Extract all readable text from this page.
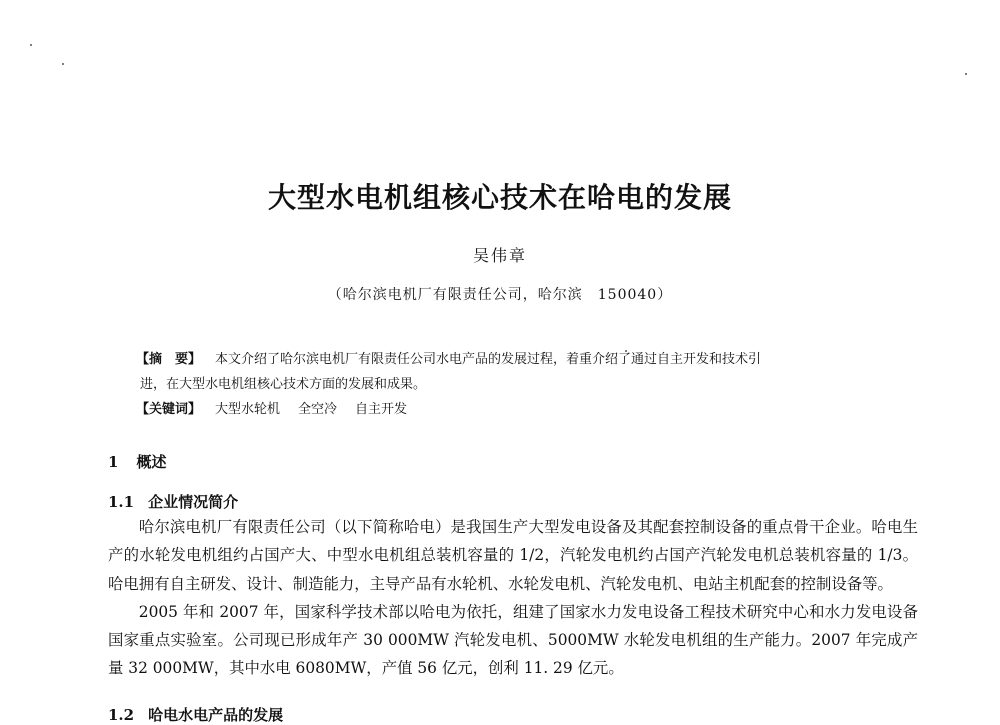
大型水电机组核心技术在哈电的发展
吴伟章
（哈尔滨电机厂有限责任公司，哈尔滨　150040）
【摘　要】 本文介绍了哈尔滨电机厂有限责任公司水电产品的发展过程，着重介绍了通过自主开发和技术引
进，在大型水电机组核心技术方面的发展和成果。
【关键词】 大型水轮机 全空冷 自主开发
1 概述
1.1 企业情况简介

哈尔滨电机厂有限责任公司（以下简称哈电）是我国生产大型发电设备及其配套控制设备的重点骨干企业。哈电生产的水轮发电机组约占国产大、中型水电机组总装机容量的 1/2，汽轮发电机约占国产汽轮发电机总装机容量的 1/3。哈电拥有自主研发、设计、制造能力，主导产品有水轮机、水轮发电机、汽轮发电机、电站主机配套的控制设备等。

2005 年和 2007 年，国家科学技术部以哈电为依托，组建了国家水力发电设备工程技术研究中心和水力发电设备国家重点实验室。公司现已形成年产 30 000MW 汽轮发电机、5000MW 水轮发电机组的生产能力。2007 年完成产量 32 000MW，其中水电 6080MW，产值 56 亿元，创利 11. 29 亿元。

1.2 哈电水电产品的发展
